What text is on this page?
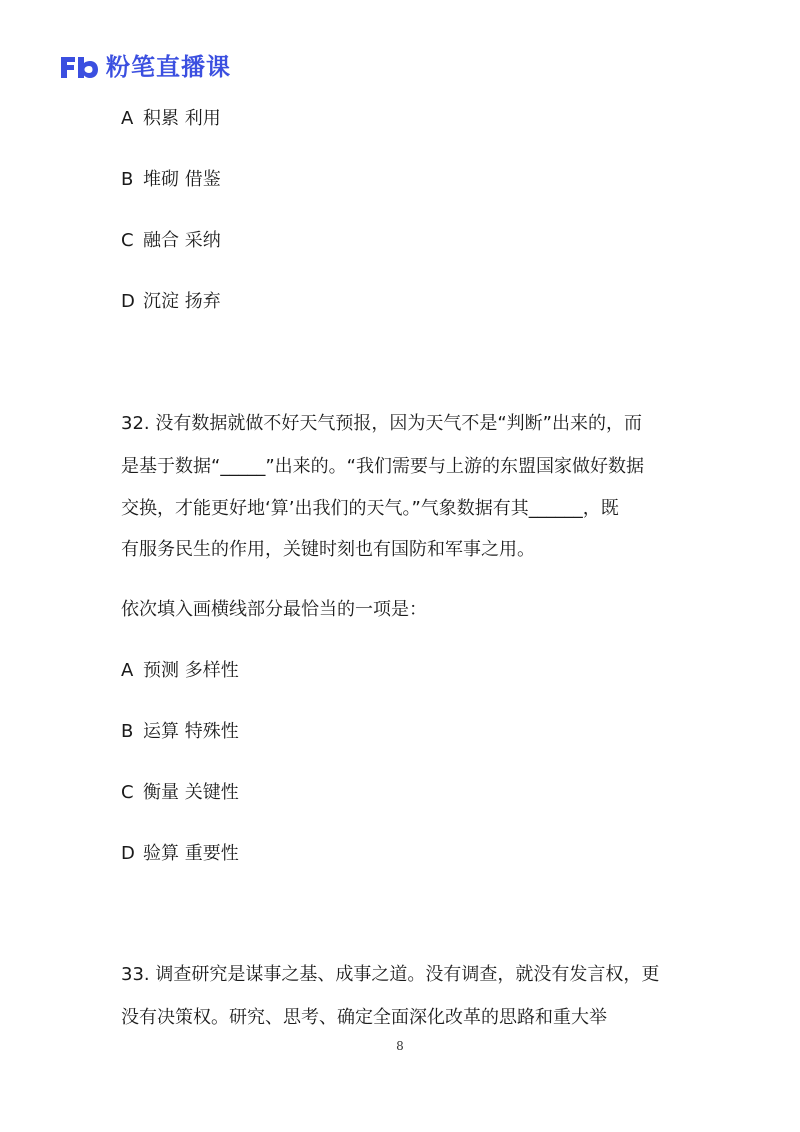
粉笔直播课

A 积累 利用

B 堆砌 借鉴

C 融合 采纳

D 沉淀 扬弃

32. 没有数据就做不好天气预报，因为天气不是“判断”出来的，而

是基于数据“_____”出来的。“我们需要与上游的东盟国家做好数据

交换，才能更好地‘算’出我们的天气。”气象数据有其______，既

有服务民生的作用，关键时刻也有国防和军事之用。

依次填入画横线部分最恰当的一项是：

A 预测 多样性

B 运算 特殊性

C 衡量 关键性

D 验算 重要性

33. 调查研究是谋事之基、成事之道。没有调查，就没有发言权，更

没有决策权。研究、思考、确定全面深化改革的思路和重大举

8
